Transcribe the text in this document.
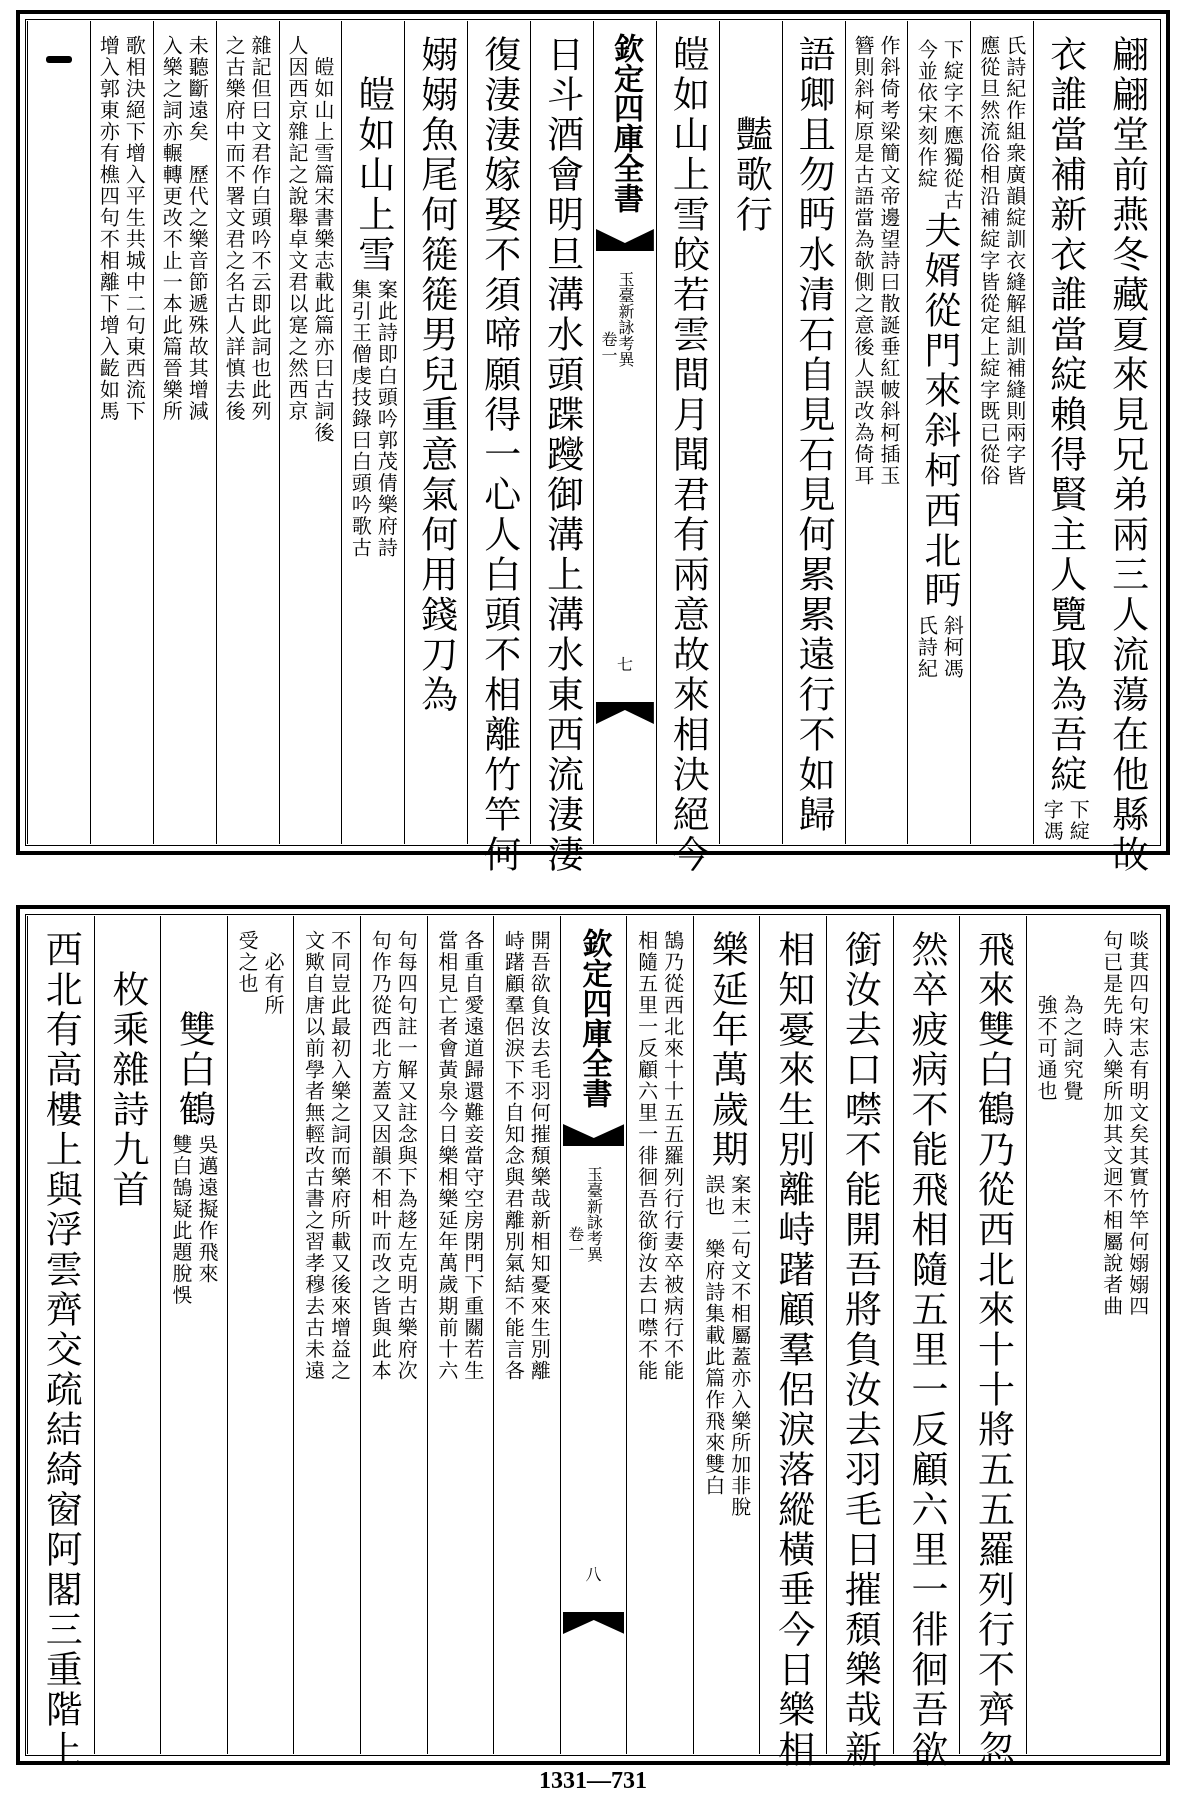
翩翩堂前燕冬藏夏來見兄弟兩三人流蕩在他縣故
衣誰當補新衣誰當綻賴得賢主人覽取為吾綻
下綻
字馮
氏詩紀作組衆廣韻綻訓衣縫解組訓補縫則兩字皆
應從旦然流俗相沿補綻字皆從定上綻字既已從俗
下綻字不應獨從古
今並依宋刻作綻
夫婿從門來斜柯西北眄
斜柯馮
氏詩紀
作斜倚考梁簡文帝邊望詩曰散誕垂紅帔斜柯插玉
簪則斜柯原是古語當為欹側之意後人誤改為倚耳
語卿且勿眄水清石自見石見何累累遠行不如歸
　　豔歌行
皚如山上雪皎若雲間月聞君有兩意故來相決絕今
欽定四庫全書
玉臺新詠考異
卷一
七
日斗酒會明旦溝水頭蹀躞御溝上溝水東西流淒淒
復淒淒嫁娶不須啼願得一心人白頭不相離竹竿何
嫋嫋魚尾何簁簁男兒重意氣何用錢刀為
　皚如山上雪
案此詩即白頭吟郭茂倩樂府詩
集引王僧虔技錄曰白頭吟歌古
　皚如山上雪篇宋書樂志載此篇亦曰古詞後
人因西京雜記之說舉卓文君以寔之然西京
雜記但曰文君作白頭吟不云即此詞也此列
之古樂府中而不署文君之名古人詳慎去後
未聽斷遠矣　歷代之樂音節遞殊故其增減
入樂之詞亦輾轉更改不止一本此篇晉樂所
歌相決絕下增入平生共城中二句東西流下
增入郭東亦有樵四句不相離下增入齕如馬
啖萁四句宋志有明文矣其實竹竿何嫋嫋四
句已是先時入樂所加其文迥不相屬說者曲
　　　為之詞究覺
　　　強不可通也
飛來雙白鶴乃從西北來十十將五五羅列行不齊忽
然卒疲病不能飛相隨五里一反顧六里一徘徊吾欲
銜汝去口噤不能開吾將負汝去羽毛日摧頹樂哉新
相知憂來生別離峙躇顧羣侶淚落縱橫垂今日樂相
樂延年萬歲期
案末二句文不相屬蓋亦入樂所加非脫
誤也　樂府詩集載此篇作飛來雙白
鵠乃從西北來十十五五羅列行行妻卒被病行不能
相隨五里一反顧六里一徘徊吾欲銜汝去口噤不能
欽定四庫全書
玉臺新詠考異
卷一
八
開吾欲負汝去毛羽何摧頹樂哉新相知憂來生別離
峙躇顧羣侶淚下不自知念與君離別氣結不能言各
各重自愛遠道歸還難妾當守空房閉門下重關若生
當相見亡者會黃泉今日樂相樂延年萬歲期前十六
句每四句註一解又註念與下為趍左克明古樂府次
句作乃從西北方蓋又因韻不相叶而改之皆與此本
不同豈此最初入樂之詞而樂府所載又後來增益之
文歟自唐以前學者無輕改古書之習孝穆去古未遠
　必有所
受之也
　　雙白鶴
吳邁遠擬作飛來
雙白鵠疑此題脫悞
　枚乘雜詩九首
西北有高樓上與浮雲齊交疏結綺窗阿閣三重階上
1331—731
